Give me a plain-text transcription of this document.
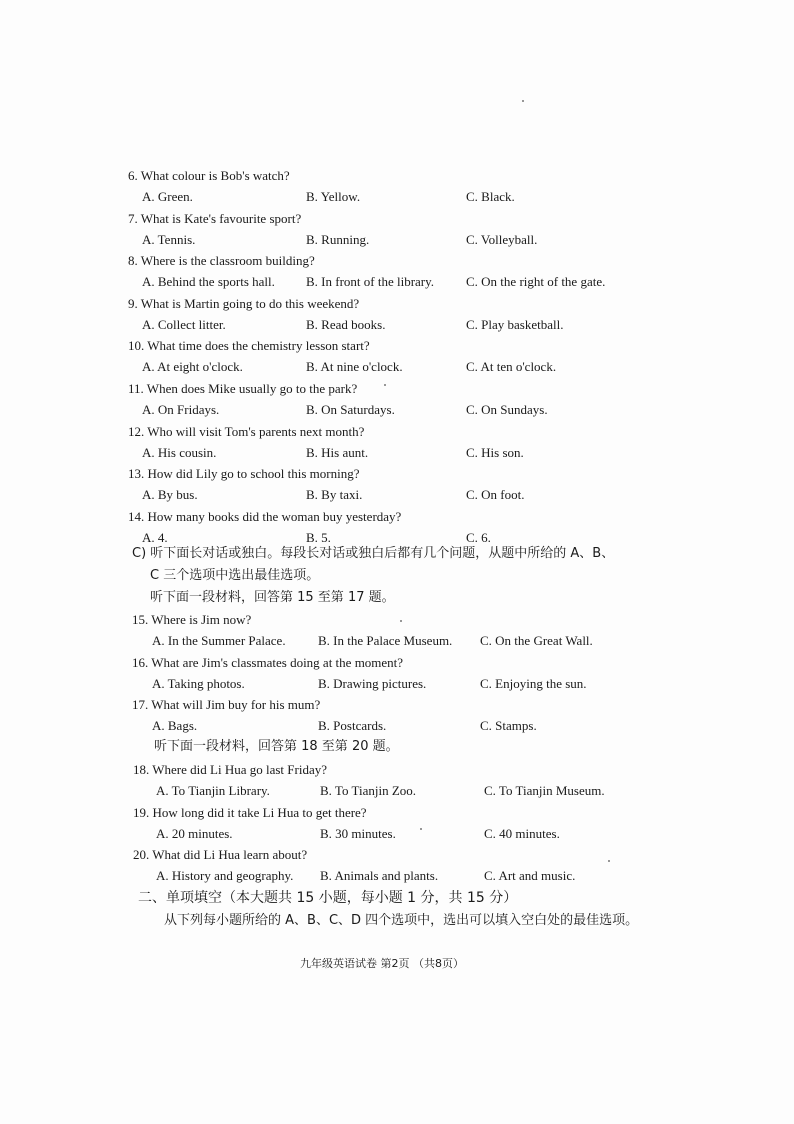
6. What colour is Bob's watch?
A. Green.	B. Yellow.	C. Black.
7. What is Kate's favourite sport?
A. Tennis.	B. Running.	C. Volleyball.
8. Where is the classroom building?
A. Behind the sports hall. B. In front of the library. C. On the right of the gate.
9. What is Martin going to do this weekend?
A. Collect litter.	B. Read books.	C. Play basketball.
10. What time does the chemistry lesson start?
A. At eight o'clock.	B. At nine o'clock.	C. At ten o'clock.
11. When does Mike usually go to the park?
A. On Fridays.	B. On Saturdays.	C. On Sundays.
12. Who will visit Tom's parents next month?
A. His cousin.	B. His aunt.	C. His son.
13. How did Lily go to school this morning?
A. By bus.	B. By taxi.	C. On foot.
14. How many books did the woman buy yesterday?
A. 4.	B. 5.	C. 6.
15. Where is Jim now?
A. In the Summer Palace. B. In the Palace Museum. C. On the Great Wall.
16. What are Jim's classmates doing at the moment?
A. Taking photos.	B. Drawing pictures.	C. Enjoying the sun.
17. What will Jim buy for his mum?
A. Bags.	B. Postcards.	C. Stamps.
18. Where did Li Hua go last Friday?
A. To Tianjin Library.	B. To Tianjin Zoo.	C. To Tianjin Museum.
19. How long did it take Li Hua to get there?
A. 20 minutes.	B. 30 minutes.	C. 40 minutes.
20. What did Li Hua learn about?
A. History and geography. B. Animals and plants.	C. Art and music.
C) 听下面长对话或独白。每段长对话或独白后都有几个问题，从题中所给的 A、B、
C 三个选项中选出最佳选项。
听下面一段材料，回答第 15 至第 17 题。
听下面一段材料，回答第 18 至第 20 题。
二、单项填空（本大题共 15 小题，每小题 1 分，共 15 分）
从下列每小题所给的 A、B、C、D 四个选项中，选出可以填入空白处的最佳选项。
九年级英语试卷 第2页 （共8页）
